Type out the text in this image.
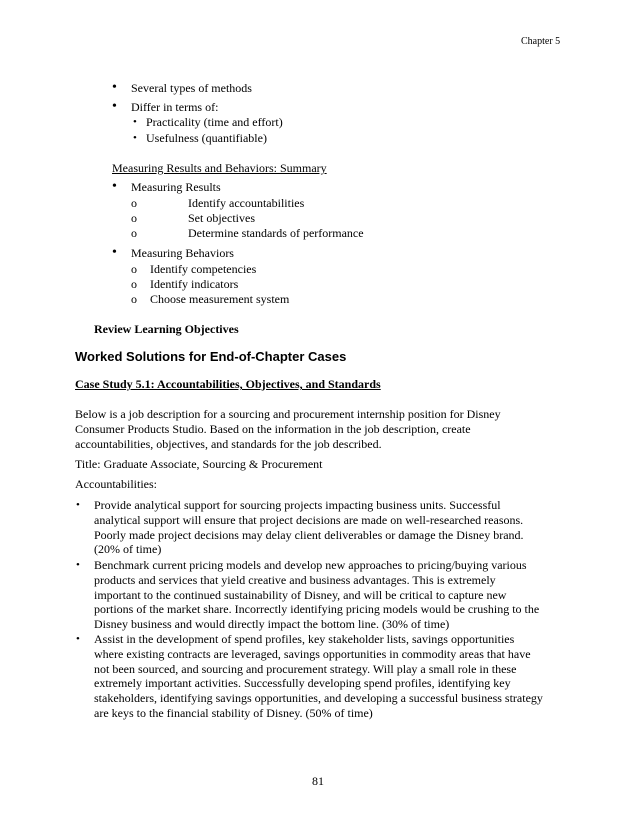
Chapter 5
• Several types of methods
• Differ in terms of:
• Practicality (time and effort)
• Usefulness (quantifiable)
Measuring Results and Behaviors: Summary
• Measuring Results
o	Identify accountabilities
o	Set objectives
o	Determine standards of performance
• Measuring Behaviors
o Identify competencies
o Identify indicators
o Choose measurement system
Review Learning Objectives
Worked Solutions for End-of-Chapter Cases
Case Study 5.1: Accountabilities, Objectives, and Standards
Below is a job description for a sourcing and procurement internship position for Disney
Consumer Products Studio. Based on the information in the job description, create
accountabilities, objectives, and standards for the job described.
Title: Graduate Associate, Sourcing & Procurement
Accountabilities:
• Provide analytical support for sourcing projects impacting business units. Successful
analytical support will ensure that project decisions are made on well-researched reasons.
Poorly made project decisions may delay client deliverables or damage the Disney brand.
(20% of time)
• Benchmark current pricing models and develop new approaches to pricing/buying various
products and services that yield creative and business advantages. This is extremely
important to the continued sustainability of Disney, and will be critical to capture new
portions of the market share. Incorrectly identifying pricing models would be crushing to the
Disney business and would directly impact the bottom line. (30% of time)
• Assist in the development of spend profiles, key stakeholder lists, savings opportunities
where existing contracts are leveraged, savings opportunities in commodity areas that have
not been sourced, and sourcing and procurement strategy. Will play a small role in these
extremely important activities. Successfully developing spend profiles, identifying key
stakeholders, identifying savings opportunities, and developing a successful business strategy
are keys to the financial stability of Disney. (50% of time)
81
